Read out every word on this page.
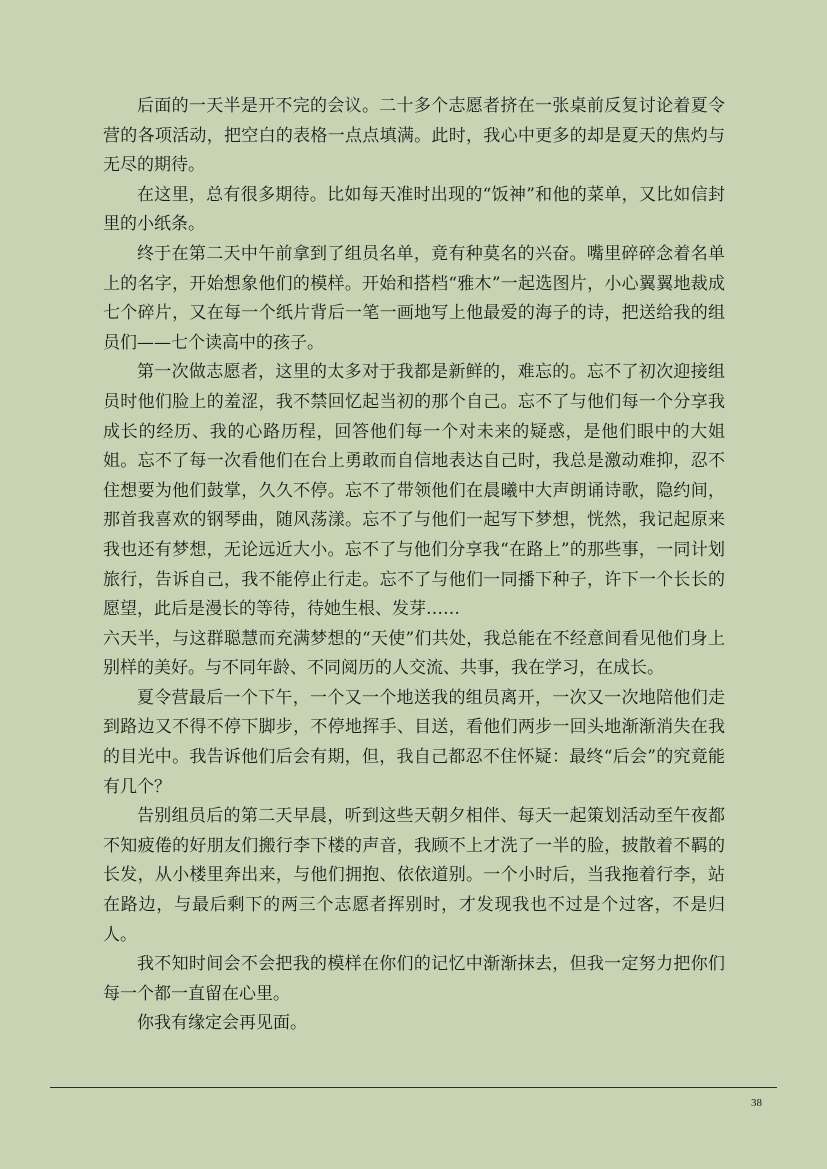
后面的一天半是开不完的会议。二十多个志愿者挤在一张桌前反复讨论着夏令营的各项活动，把空白的表格一点点填满。此时，我心中更多的却是夏天的焦灼与无尽的期待。

在这里，总有很多期待。比如每天准时出现的“饭神”和他的菜单，又比如信封里的小纸条。

终于在第二天中午前拿到了组员名单，竟有种莫名的兴奋。嘴里碎碎念着名单上的名字，开始想象他们的模样。开始和搭档“雅木”一起选图片，小心翼翼地裁成七个碎片，又在每一个纸片背后一笔一画地写上他最爱的海子的诗，把送给我的组员们——七个读高中的孩子。

第一次做志愿者，这里的太多对于我都是新鲜的，难忘的。忘不了初次迎接组员时他们脸上的羞涩，我不禁回忆起当初的那个自己。忘不了与他们每一个分享我成长的经历、我的心路历程，回答他们每一个对未来的疑惑，是他们眼中的大姐姐。忘不了每一次看他们在台上勇敢而自信地表达自己时，我总是激动难抑，忍不住想要为他们鼓掌，久久不停。忘不了带领他们在晨曦中大声朗诵诗歌，隐约间，那首我喜欢的钢琴曲，随风荡漾。忘不了与他们一起写下梦想，恍然，我记起原来我也还有梦想，无论远近大小。忘不了与他们分享我“在路上”的那些事，一同计划旅行，告诉自己，我不能停止行走。忘不了与他们一同播下种子，许下一个长长的愿望，此后是漫长的等待，待她生根、发芽……

六天半，与这群聪慧而充满梦想的“天使”们共处，我总能在不经意间看见他们身上别样的美好。与不同年龄、不同阅历的人交流、共事，我在学习，在成长。

夏令营最后一个下午，一个又一个地送我的组员离开，一次又一次地陪他们走到路边又不得不停下脚步，不停地挥手、目送，看他们两步一回头地渐渐消失在我的目光中。我告诉他们后会有期，但，我自己都忍不住怀疑：最终“后会”的究竟能有几个？

告别组员后的第二天早晨，听到这些天朝夕相伴、每天一起策划活动至午夜都不知疲倦的好朋友们搬行李下楼的声音，我顾不上才洗了一半的脸，披散着不羁的长发，从小楼里奔出来，与他们拥抱、依依道别。一个小时后，当我拖着行李，站在路边，与最后剩下的两三个志愿者挥别时，才发现我也不过是个过客，不是归人。

我不知时间会不会把我的模样在你们的记忆中渐渐抹去，但我一定努力把你们每一个都一直留在心里。

你我有缘定会再见面。

38
